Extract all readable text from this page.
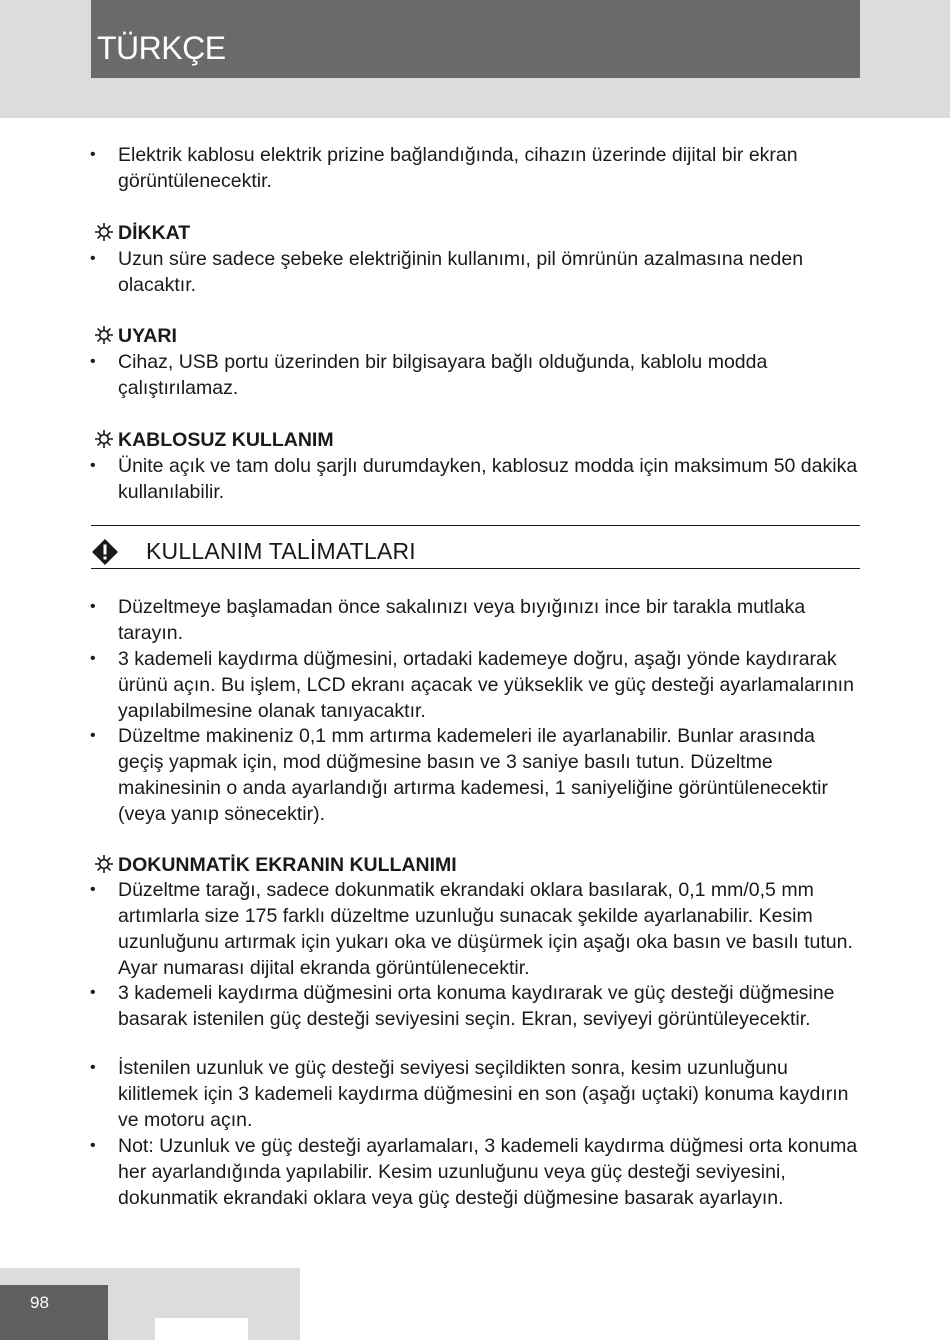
TÜRKÇE
• Elektrik kablosu elektrik prizine bağlandığında, cihazın üzerinde dijital bir ekran görüntülenecektir.
DİKKAT
• Uzun süre sadece şebeke elektriğinin kullanımı, pil ömrünün azalmasına neden olacaktır.
UYARI
• Cihaz, USB portu üzerinden bir bilgisayara bağlı olduğunda, kablolu modda çalıştırılamaz.
KABLOSUZ KULLANIM
• Ünite açık ve tam dolu şarjlı durumdayken, kablosuz modda için maksimum 50 dakika kullanılabilir.
KULLANIM TALİMATLARI
• Düzeltmeye başlamadan önce sakalınızı veya bıyığınızı ince bir tarakla mutlaka tarayın.
• 3 kademeli kaydırma düğmesini, ortadaki kademeye doğru, aşağı yönde kaydırarak ürünü açın. Bu işlem, LCD ekranı açacak ve yükseklik ve güç desteği ayarlamalarının yapılabilmesine olanak tanıyacaktır.
• Düzeltme makineniz 0,1 mm artırma kademeleri ile ayarlanabilir. Bunlar arasında geçiş yapmak için, mod düğmesine basın ve 3 saniye basılı tutun. Düzeltme makinesinin o anda ayarlandığı artırma kademesi, 1 saniyeliğine görüntülenecektir (veya yanıp sönecektir).
DOKUNMATİK EKRANIN KULLANIMI
• Düzeltme tarağı, sadece dokunmatik ekrandaki oklara basılarak, 0,1 mm/0,5 mm artımlarla size 175 farklı düzeltme uzunluğu sunacak şekilde ayarlanabilir. Kesim uzunluğunu artırmak için yukarı oka ve düşürmek için aşağı oka basın ve basılı tutun. Ayar numarası dijital ekranda görüntülenecektir.
• 3 kademeli kaydırma düğmesini orta konuma kaydırarak ve güç desteği düğmesine basarak istenilen güç desteği seviyesini seçin. Ekran, seviyeyi görüntüleyecektir.
• İstenilen uzunluk ve güç desteği seviyesi seçildikten sonra, kesim uzunluğunu kilitlemek için 3 kademeli kaydırma düğmesini en son (aşağı uçtaki) konuma kaydırın ve motoru açın.
• Not: Uzunluk ve güç desteği ayarlamaları, 3 kademeli kaydırma düğmesi orta konuma her ayarlandığında yapılabilir. Kesim uzunluğunu veya güç desteği seviyesini, dokunmatik ekrandaki oklara veya güç desteği düğmesine basarak ayarlayın.
98
